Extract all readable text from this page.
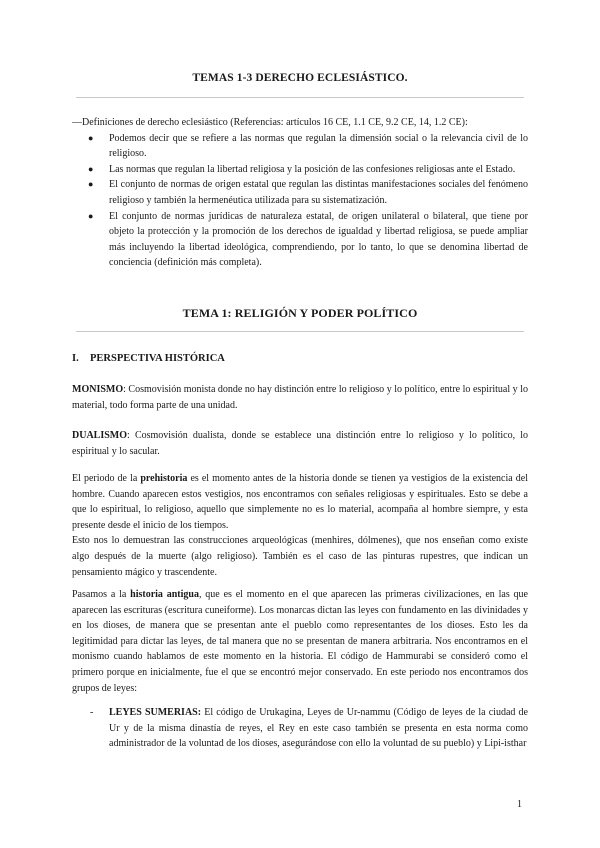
TEMAS 1-3 DERECHO ECLESIÁSTICO.

—Definiciones de derecho eclesiástico (Referencias: artículos 16 CE, 1.1 CE, 9.2 CE, 14, 1.2 CE):

● Podemos decir que se refiere a las normas que regulan la dimensión social o la relevancia civil de lo religioso.
● Las normas que regulan la libertad religiosa y la posición de las confesiones religiosas ante el Estado.
● El conjunto de normas de origen estatal que regulan las distintas manifestaciones sociales del fenómeno religioso y también la hermenéutica utilizada para su sistematización.
● El conjunto de normas jurídicas de naturaleza estatal, de origen unilateral o bilateral, que tiene por objeto la protección y la promoción de los derechos de igualdad y libertad religiosa, se puede ampliar más incluyendo la libertad ideológica, comprendiendo, por lo tanto, lo que se denomina libertad de conciencia (definición más completa).
TEMA 1: RELIGIÓN Y PODER POLÍTICO
I. PERSPECTIVA HISTÓRICA

MONISMO: Cosmovisión monista donde no hay distinción entre lo religioso y lo político, entre lo espiritual y lo material, todo forma parte de una unidad.

DUALISMO: Cosmovisión dualista, donde se establece una distinción entre lo religioso y lo político, lo espiritual y lo sacular.

El periodo de la prehistoria es el momento antes de la historia donde se tienen ya vestigios de la existencia del hombre. Cuando aparecen estos vestigios, nos encontramos con señales religiosas y espirituales. Esto se debe a que lo espiritual, lo religioso, aquello que simplemente no es lo material, acompaña al hombre siempre, y esta presente desde el inicio de los tiempos.

Esto nos lo demuestran las construcciones arqueológicas (menhires, dólmenes), que nos enseñan como existe algo después de la muerte (algo religioso). También es el caso de las pinturas rupestres, que indican un pensamiento mágico y trascendente.

Pasamos a la historia antigua, que es el momento en el que aparecen las primeras civilizaciones, en las que aparecen las escrituras (escritura cuneiforme). Los monarcas dictan las leyes con fundamento en las divinidades y en los dioses, de manera que se presentan ante el pueblo como representantes de los dioses. Esto les da legitimidad para dictar las leyes, de tal manera que no se presentan de manera arbitraria. Nos encontramos en el monismo cuando hablamos de este momento en la historia. El código de Hammurabi se consideró como el primero porque en inicialmente, fue el que se encontró mejor conservado. En este periodo nos encontramos dos grupos de leyes:

- LEYES SUMERIAS: El código de Urukagina, Leyes de Ur-nammu (Código de leyes de la ciudad de Ur y de la misma dinastía de reyes, el Rey en este caso también se presenta en esta norma como administrador de la voluntad de los dioses, asegurándose con ello la voluntad de su pueblo) y Lipi-isthar
1
